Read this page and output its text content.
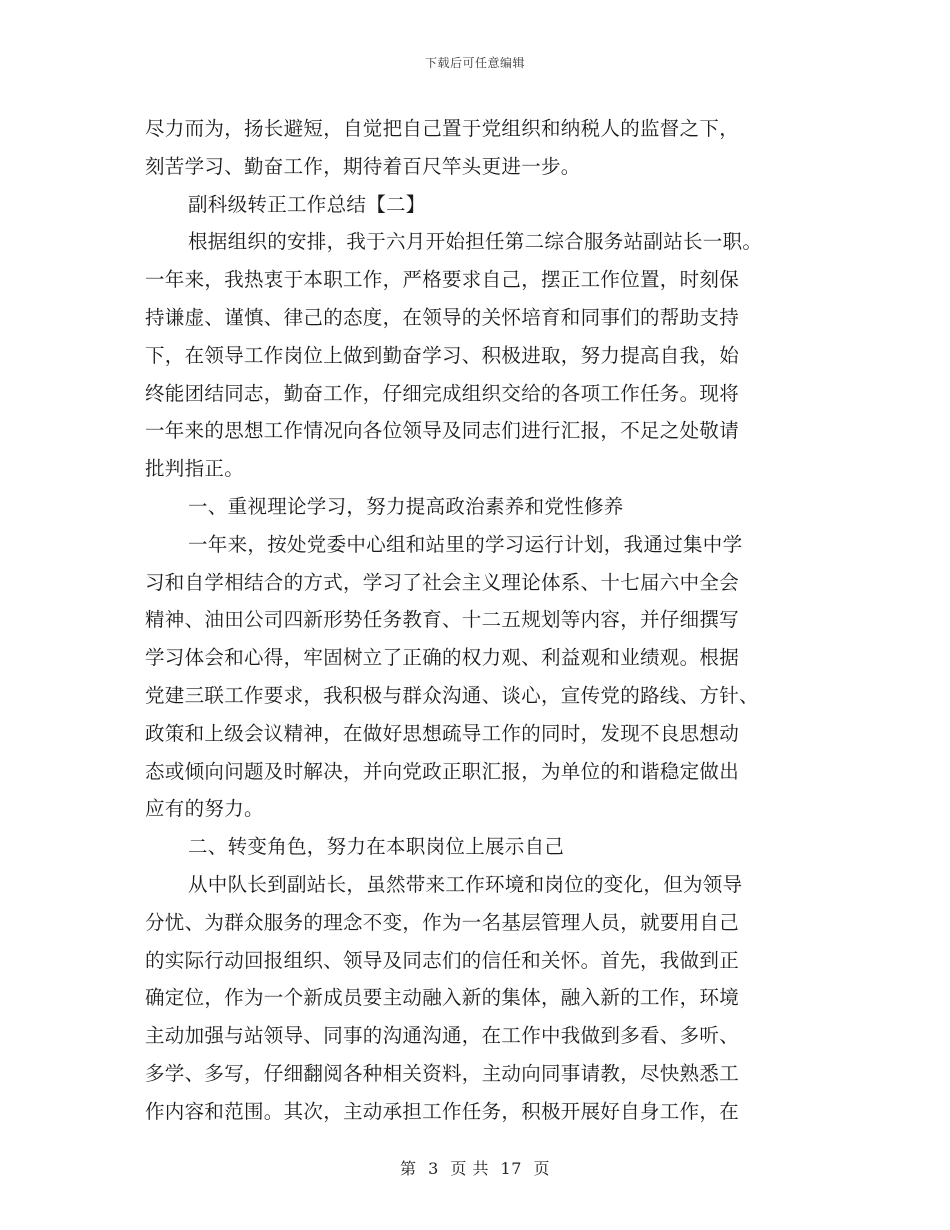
下载后可任意编辑
尽力而为，扬长避短，自觉把自己置于党组织和纳税人的监督之下，
刻苦学习、勤奋工作，期待着百尺竿头更进一步。
副科级转正工作总结【二】
根据组织的安排，我于六月开始担任第二综合服务站副站长一职。
一年来，我热衷于本职工作，严格要求自己，摆正工作位置，时刻保
持谦虚、谨慎、律己的态度，在领导的关怀培育和同事们的帮助支持
下，在领导工作岗位上做到勤奋学习、积极进取，努力提高自我，始
终能团结同志，勤奋工作，仔细完成组织交给的各项工作任务。现将
一年来的思想工作情况向各位领导及同志们进行汇报，不足之处敬请
批判指正。
一、重视理论学习，努力提高政治素养和党性修养
一年来，按处党委中心组和站里的学习运行计划，我通过集中学
习和自学相结合的方式，学习了社会主义理论体系、十七届六中全会
精神、油田公司四新形势任务教育、十二五规划等内容，并仔细撰写
学习体会和心得，牢固树立了正确的权力观、利益观和业绩观。根据
党建三联工作要求，我积极与群众沟通、谈心，宣传党的路线、方针、
政策和上级会议精神，在做好思想疏导工作的同时，发现不良思想动
态或倾向问题及时解决，并向党政正职汇报，为单位的和谐稳定做出
应有的努力。
二、转变角色，努力在本职岗位上展示自己
从中队长到副站长，虽然带来工作环境和岗位的变化，但为领导
分忧、为群众服务的理念不变，作为一名基层管理人员，就要用自己
的实际行动回报组织、领导及同志们的信任和关怀。首先，我做到正
确定位，作为一个新成员要主动融入新的集体，融入新的工作，环境
主动加强与站领导、同事的沟通沟通，在工作中我做到多看、多听、
多学、多写，仔细翻阅各种相关资料，主动向同事请教，尽快熟悉工
作内容和范围。其次，主动承担工作任务，积极开展好自身工作，在
第 3 页 共 17 页
